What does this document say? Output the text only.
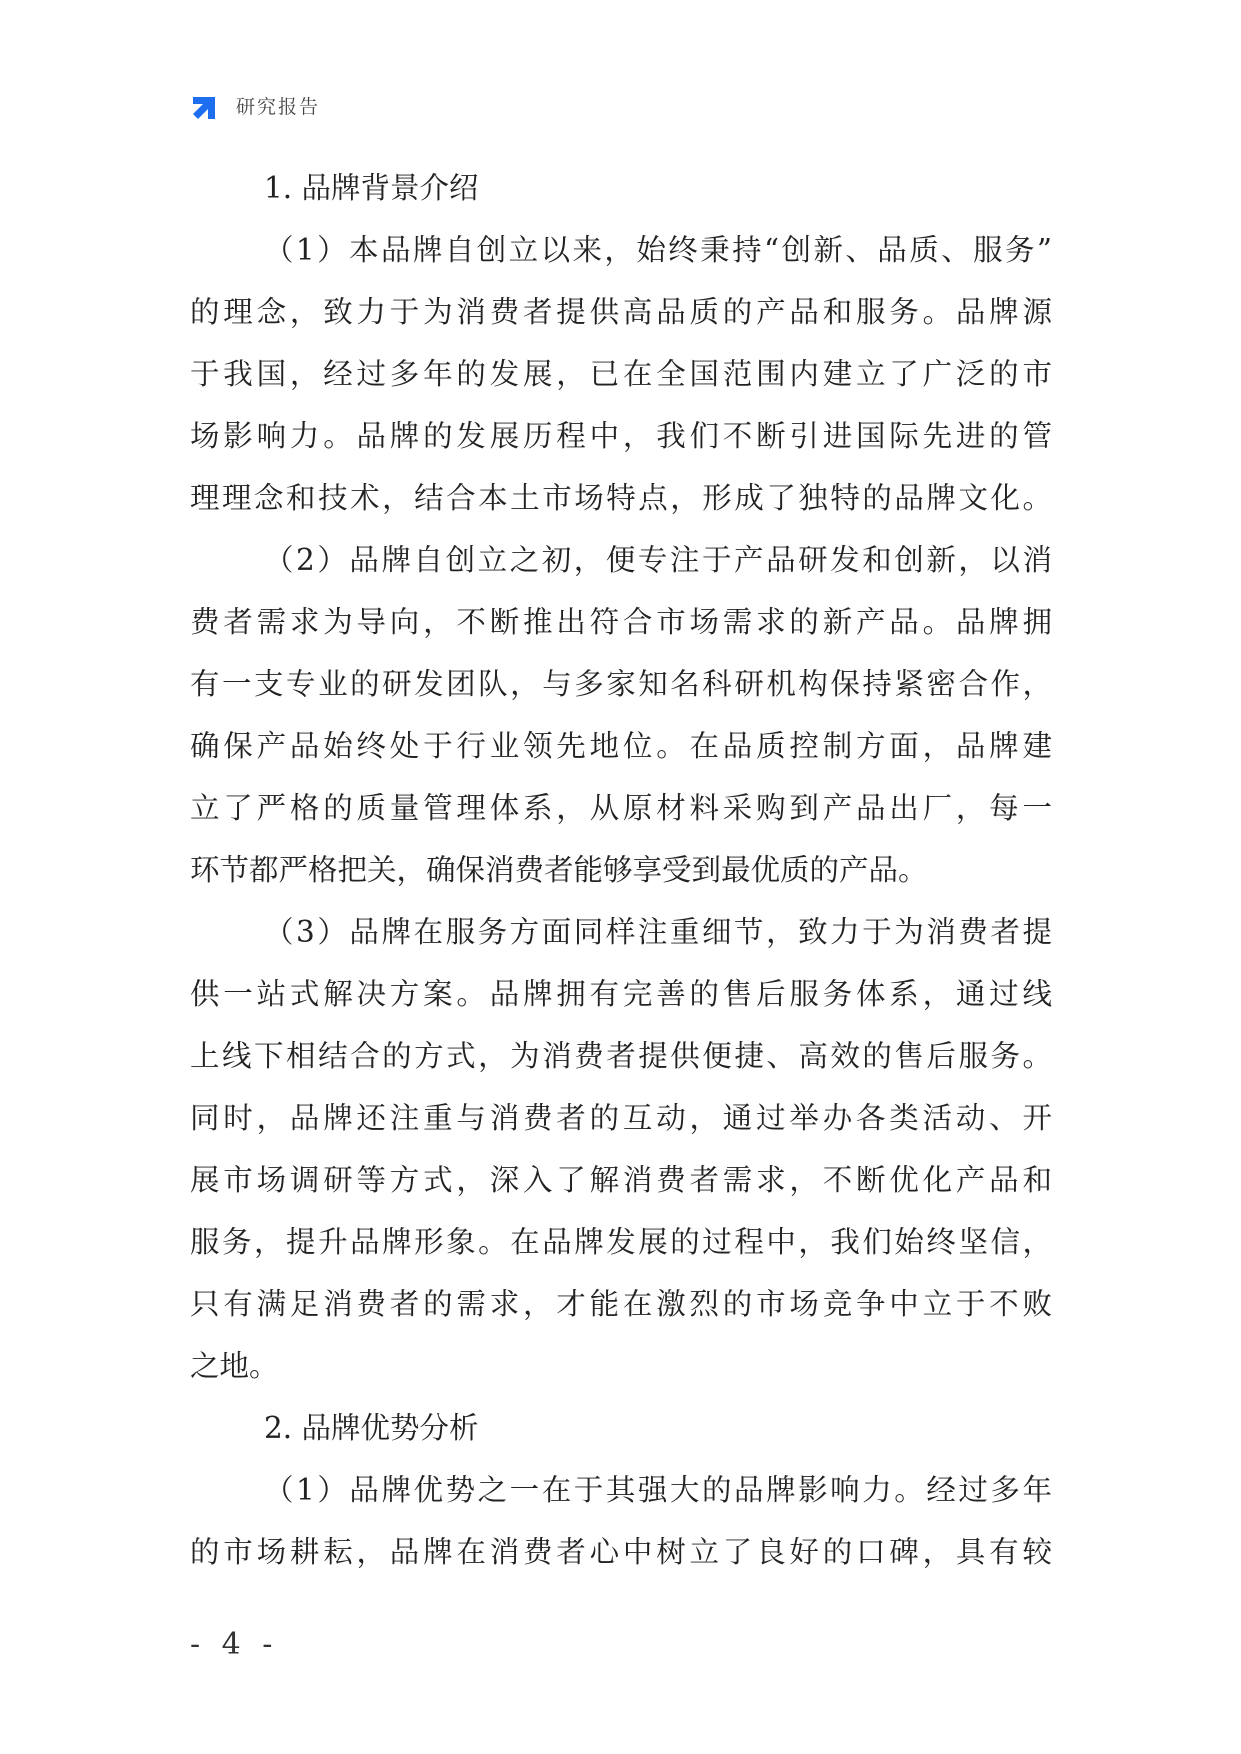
研究报告
1. 品牌背景介绍
（1）本品牌自创立以来，始终秉持“创新、品质、服务”
的理念，致力于为消费者提供高品质的产品和服务。品牌源
于我国，经过多年的发展，已在全国范围内建立了广泛的市
场影响力。品牌的发展历程中，我们不断引进国际先进的管
理理念和技术，结合本土市场特点，形成了独特的品牌文化。
（2）品牌自创立之初，便专注于产品研发和创新，以消
费者需求为导向，不断推出符合市场需求的新产品。品牌拥
有一支专业的研发团队，与多家知名科研机构保持紧密合作，
确保产品始终处于行业领先地位。在品质控制方面，品牌建
立了严格的质量管理体系，从原材料采购到产品出厂，每一
环节都严格把关，确保消费者能够享受到最优质的产品。
（3）品牌在服务方面同样注重细节，致力于为消费者提
供一站式解决方案。品牌拥有完善的售后服务体系，通过线
上线下相结合的方式，为消费者提供便捷、高效的售后服务。
同时，品牌还注重与消费者的互动，通过举办各类活动、开
展市场调研等方式，深入了解消费者需求，不断优化产品和
服务，提升品牌形象。在品牌发展的过程中，我们始终坚信，
只有满足消费者的需求，才能在激烈的市场竞争中立于不败
之地。
2. 品牌优势分析
（1）品牌优势之一在于其强大的品牌影响力。经过多年
的市场耕耘，品牌在消费者心中树立了良好的口碑，具有较
- 4 -
